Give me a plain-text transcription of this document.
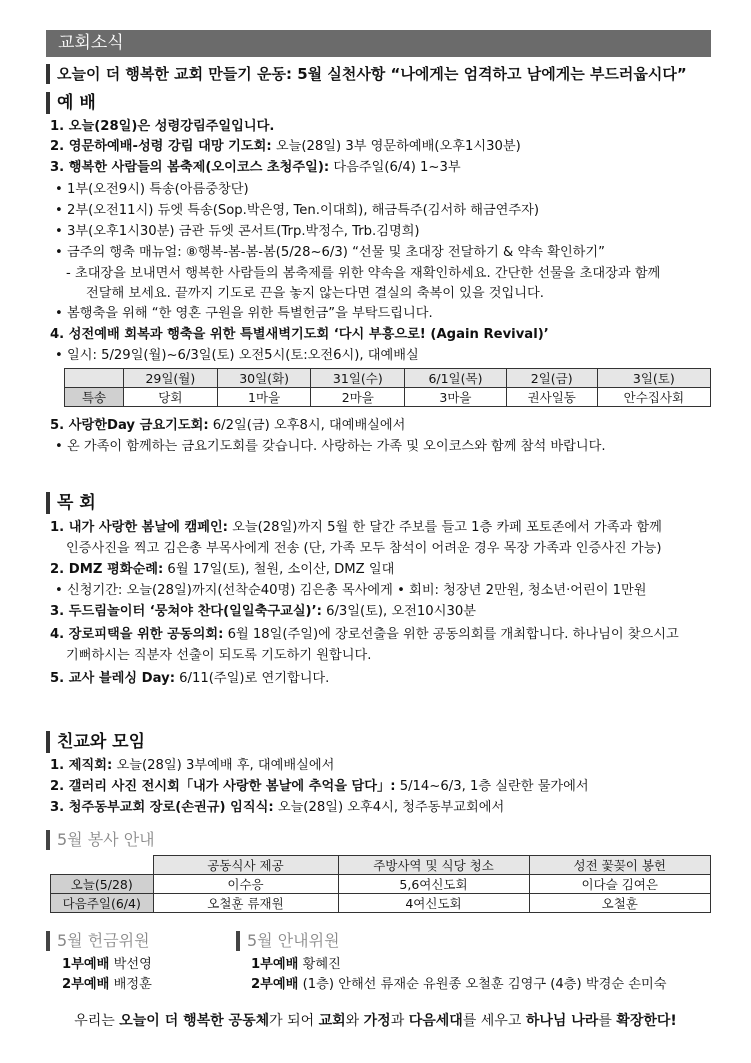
교회소식
오늘이 더 행복한 교회 만들기 운동: 5월 실천사항 “나에게는 엄격하고 남에게는 부드러웁시다”
예 배
1. 오늘(28일)은 성령강림주일입니다.
2. 영문하예배-성령 강림 대망 기도회: 오늘(28일) 3부 영문하예배(오후1시30분)
3. 행복한 사람들의 봄축제(오이코스 초청주일): 다음주일(6/4) 1~3부
• 1부(오전9시) 특송(아름중창단)
• 2부(오전11시) 듀엣 특송(Sop.박은영, Ten.이대희), 해금특주(김서하 해금연주자)
• 3부(오후1시30분) 금관 듀엣 콘서트(Trp.박정수, Trb.김명희)
• 금주의 행축 매뉴얼: ⑧행복-봄-봄-봄(5/28~6/3) “선물 및 초대장 전달하기 & 약속 확인하기”
- 초대장을 보내면서 행복한 사람들의 봄축제를 위한 약속을 재확인하세요. 간단한 선물을 초대장과 함께
전달해 보세요. 끝까지 기도로 끈을 놓지 않는다면 결실의 축복이 있을 것입니다.
• 봄행축을 위해 “한 영혼 구원을 위한 특별헌금”을 부탁드립니다.
4. 성전예배 회복과 행축을 위한 특별새벽기도회 ‘다시 부흥으로! (Again Revival)’
• 일시: 5/29일(월)~6/3일(토) 오전5시(토:오전6시), 대예배실
	29일(월)	30일(화)	31일(수)	6/1일(목)	2일(금)	3일(토)
특송	당회	1마을	2마을	3마을	권사일동	안수집사회
5. 사랑한Day 금요기도회: 6/2일(금) 오후8시, 대예배실에서
• 온 가족이 함께하는 금요기도회를 갖습니다. 사랑하는 가족 및 오이코스와 함께 참석 바랍니다.
목 회
1. 내가 사랑한 봄날에 캠페인: 오늘(28일)까지 5월 한 달간 주보를 들고 1층 카페 포토존에서 가족과 함께
인증사진을 찍고 김은총 부목사에게 전송 (단, 가족 모두 참석이 어려운 경우 목장 가족과 인증사진 가능)
2. DMZ 평화순례: 6월 17일(토), 철원, 소이산, DMZ 일대
• 신청기간: 오늘(28일)까지(선착순40명) 김은총 목사에게 • 회비: 청장년 2만원, 청소년·어린이 1만원
3. 두드림놀이터 ‘뭉쳐야 찬다(일일축구교실)’: 6/3일(토), 오전10시30분
4. 장로피택을 위한 공동의회: 6월 18일(주일)에 장로선출을 위한 공동의회를 개최합니다. 하나님이 찾으시고
기뻐하시는 직분자 선출이 되도록 기도하기 원합니다.
5. 교사 블레싱 Day: 6/11(주일)로 연기합니다.
친교와 모임
1. 제직회: 오늘(28일) 3부예배 후, 대예배실에서
2. 갤러리 사진 전시회「내가 사랑한 봄날에 추억을 담다」: 5/14~6/3, 1층 실란한 물가에서
3. 청주동부교회 장로(손권규) 임직식: 오늘(28일) 오후4시, 청주동부교회에서
5월 봉사 안내
	공동식사 제공	주방사역 및 식당 청소	성전 꽃꽂이 봉헌
오늘(5/28)	이수응	5,6여신도회	이다슬 김여은
다음주일(6/4)	오철훈 류재원	4여신도회	오철훈
5월 헌금위원
1부예배 박선영
2부예배 배정훈
5월 안내위원
1부예배 황혜진
2부예배 (1층) 안해선 류재순 유원종 오철훈 김영구 (4층) 박경순 손미숙
우리는 오늘이 더 행복한 공동체가 되어 교회와 가정과 다음세대를 세우고 하나님 나라를 확장한다!
